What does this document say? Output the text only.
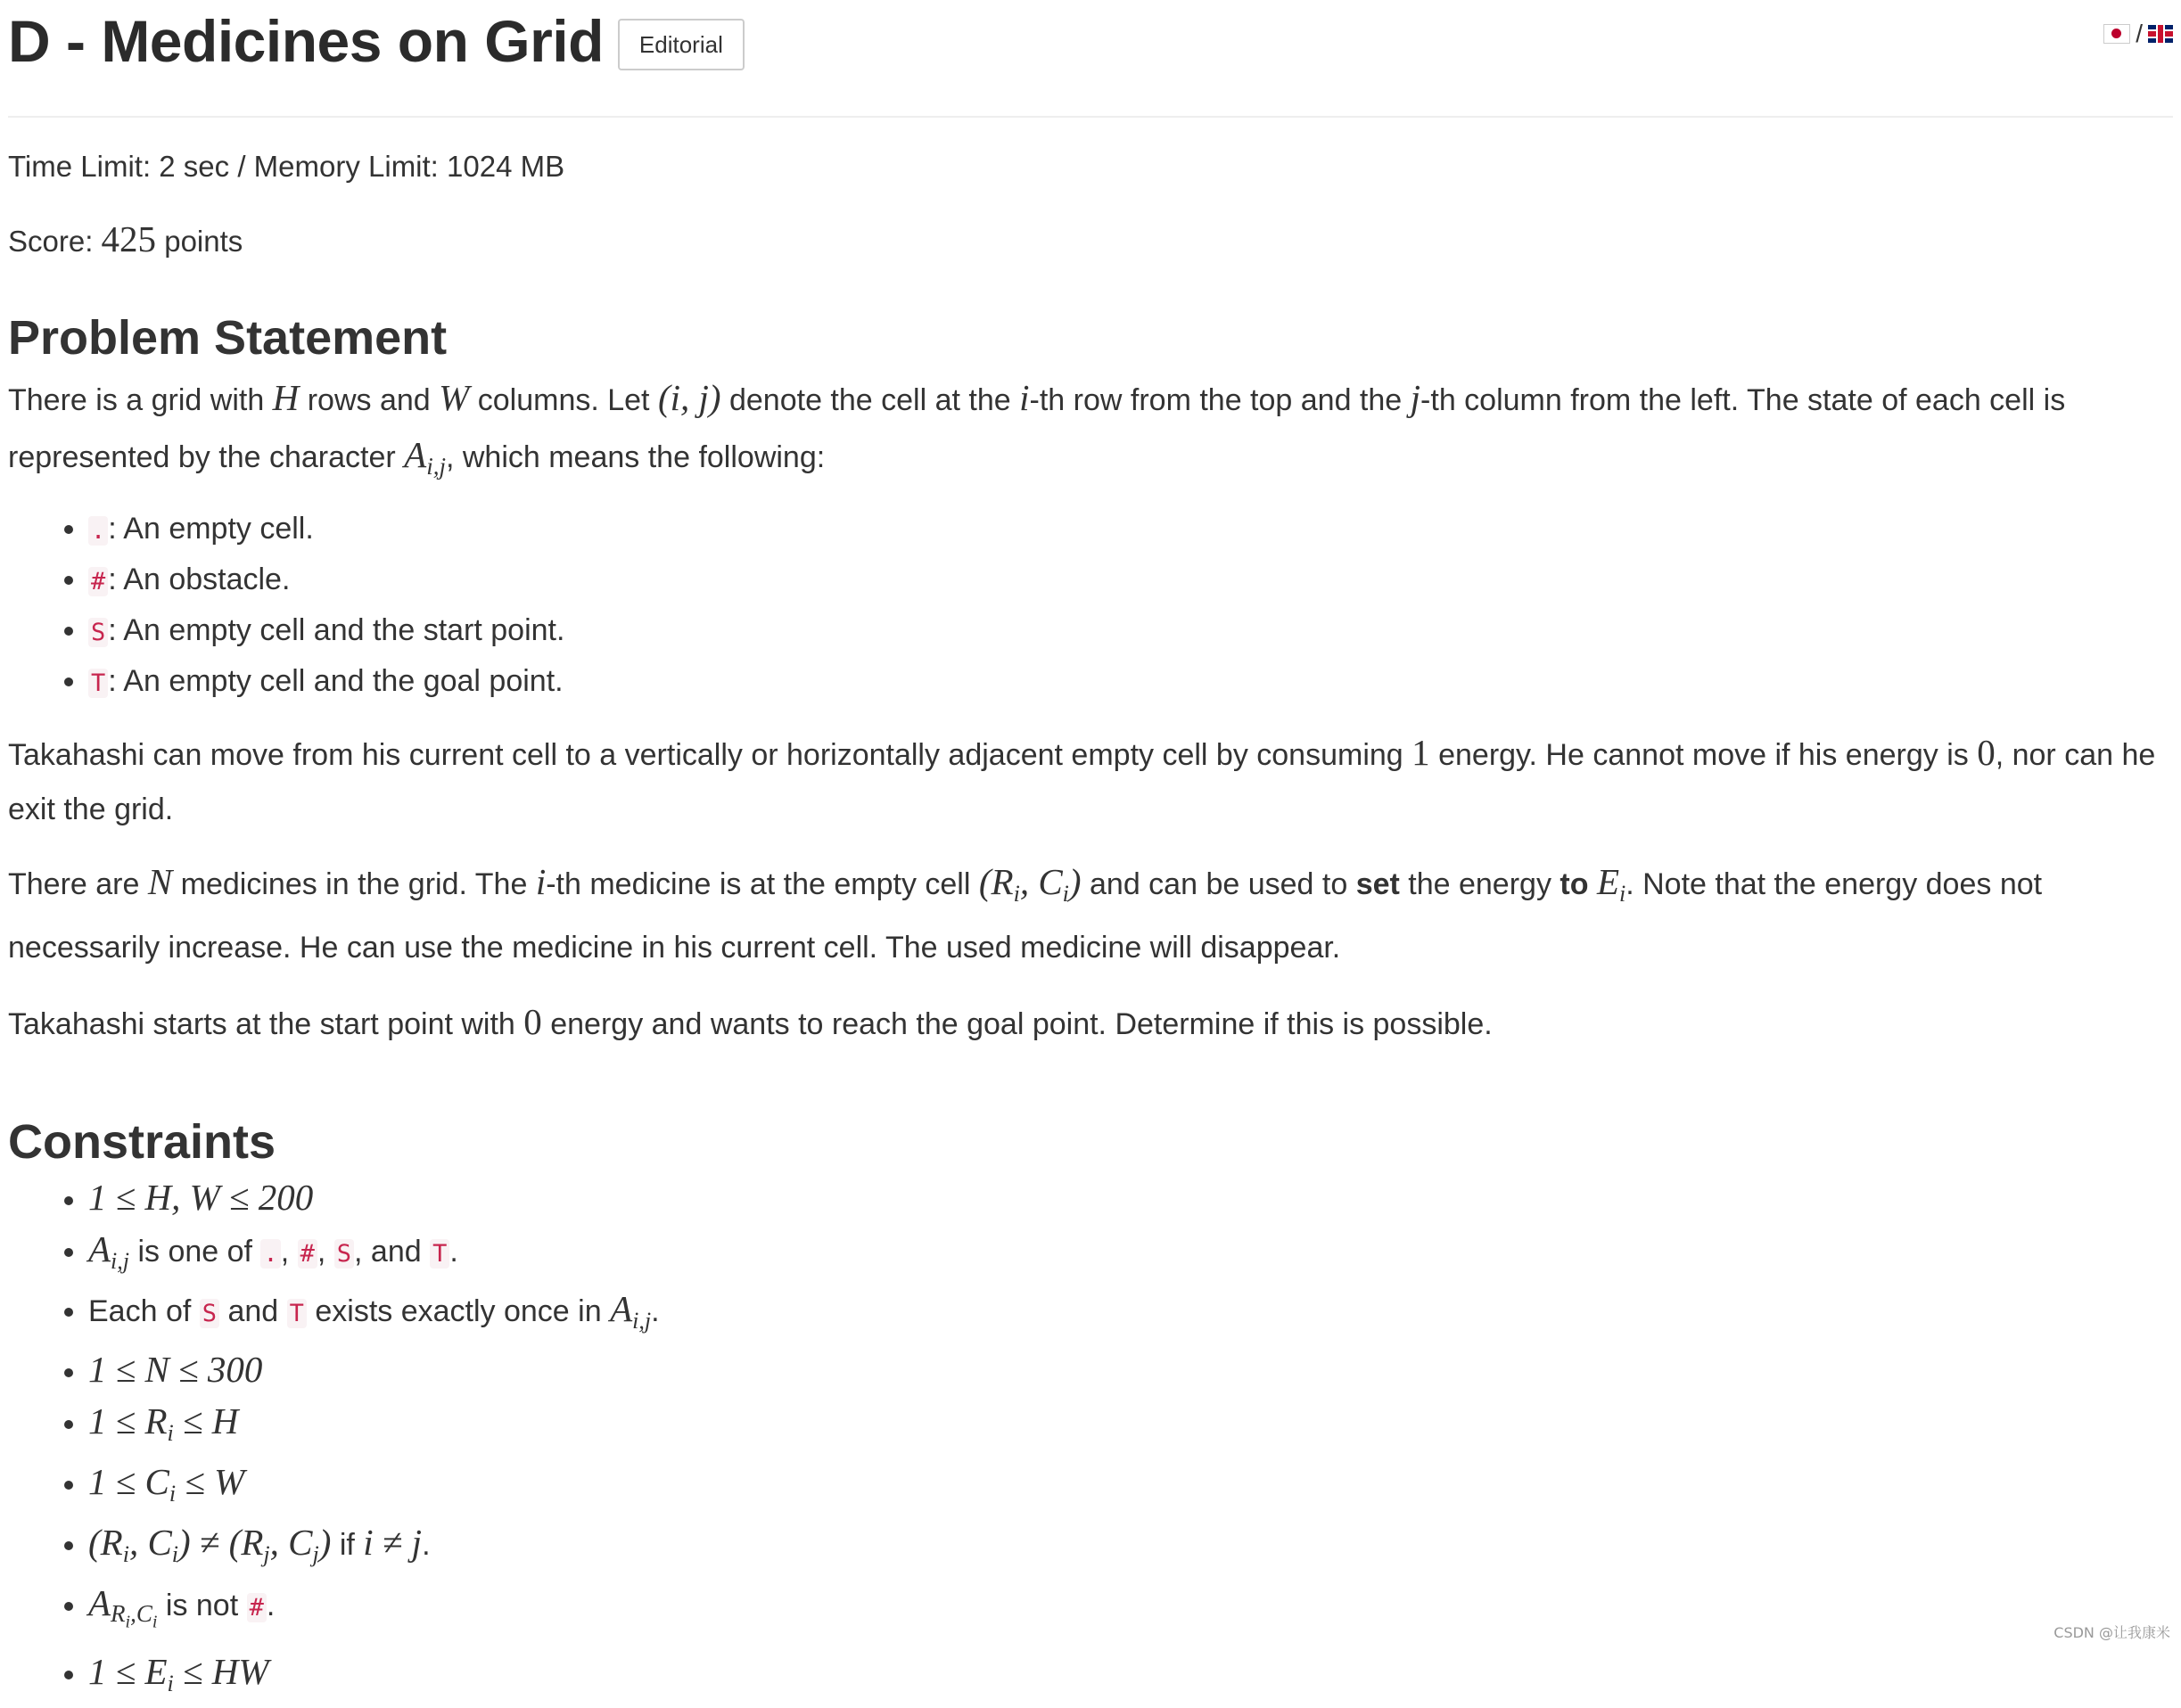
D - Medicines on Grid	Editorial	/

Time Limit: 2 sec / Memory Limit: 1024 MB

Score: 425 points

Problem Statement

There is a grid with H rows and W columns. Let (i, j) denote the cell at the i-th row from the top and the j-th column from the left. The state of each cell is represented by the character $A_{i,j}$, which means the following:

• .: An empty cell.
• #: An obstacle.
• S: An empty cell and the start point.
• T: An empty cell and the goal point.

Takahashi can move from his current cell to a vertically or horizontally adjacent empty cell by consuming 1 energy. He cannot move if his energy is 0, nor can he exit the grid.

There are N medicines in the grid. The i-th medicine is at the empty cell ($R_i$, $C_i$) and can be used to set the energy to $E_i$. Note that the energy does not necessarily increase. He can use the medicine in his current cell. The used medicine will disappear.

Takahashi starts at the start point with 0 energy and wants to reach the goal point. Determine if this is possible.

Constraints
• 1 ≤ H, W ≤ 200
• $A_{i,j}$ is one of ., #, S, and T.
• Each of S and T exists exactly once in $A_{i,j}$.
• 1 ≤ N ≤ 300
• $1 \le R_i \le H$
• $1 \le C_i \le W$
• ($R_i$, $C_i) \ne (R_j$, $C_j$) if i ≠ j.
• $A_{R_i,C_i}$ is not #.
• $1 \le E_i$ ≤ HW
CSDN @让我康米
